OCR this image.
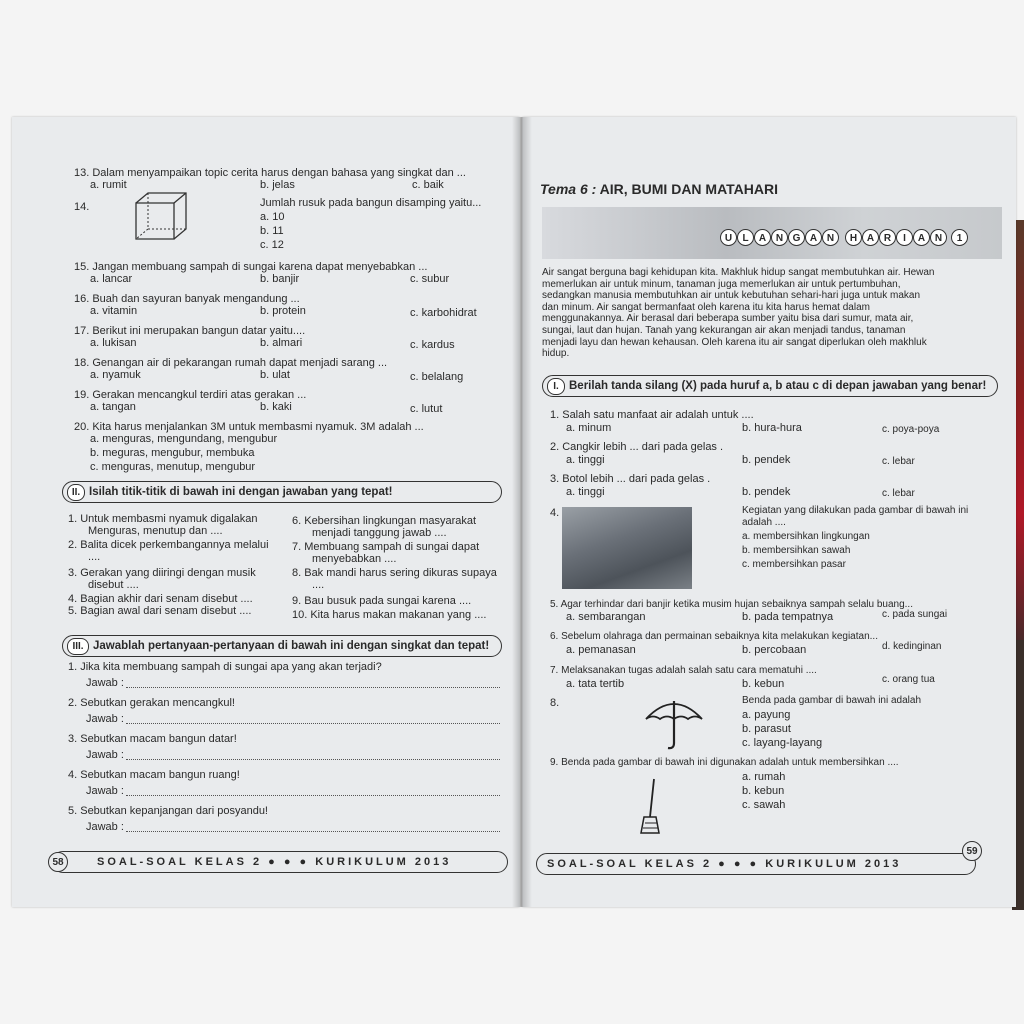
13. Dalam menyampaikan topic cerita harus dengan bahasa yang singkat dan ...
a. rumit	b. jelas	c. baik
14.	Jumlah rusuk pada bangun disamping yaitu...
a. 10
b. 11
c. 12
15. Jangan membuang sampah di sungai karena dapat menyebabkan ...
a. lancar	b. banjir	c. subur
16. Buah dan sayuran banyak mengandung ...
a. vitamin	b. protein	c. karbohidrat
17. Berikut ini merupakan bangun datar yaitu....
a. lukisan	b. almari	c. kardus
18. Genangan air di pekarangan rumah dapat menjadi sarang ...
a. nyamuk	b. ulat	c. belalang
19. Gerakan mencangkul terdiri atas gerakan ...
a. tangan	b. kaki	c. lutut
20. Kita harus menjalankan 3M untuk membasmi nyamuk. 3M adalah ...
a. menguras, mengundang, mengubur
b. meguras, mengubur, membuka
c. menguras, menutup, mengubur
II. Isilah titik-titik di bawah ini dengan jawaban yang tepat!
1. Untuk membasmi nyamuk digalakan
Menguras, menutup dan ....
2. Balita dicek perkembangannya melalui
....
3. Gerakan yang diiringi dengan musik
disebut ....
4. Bagian akhir dari senam disebut ....
5. Bagian awal dari senam disebut ....
6. Kebersihan lingkungan masyarakat
menjadi tanggung jawab ....
7. Membuang sampah di sungai dapat
menyebabkan ....
8. Bak mandi harus sering dikuras supaya
....
9. Bau busuk pada sungai karena ....
10. Kita harus makan makanan yang ....
III. Jawablah pertanyaan-pertanyaan di bawah ini dengan singkat dan tepat!
1. Jika kita membuang sampah di sungai apa yang akan terjadi?
Jawab :
2. Sebutkan gerakan mencangkul!
Jawab :
3. Sebutkan macam bangun datar!
Jawab :
4. Sebutkan macam bangun ruang!
Jawab :
5. Sebutkan kepanjangan dari posyandu!
Jawab :
SOAL-SOAL KELAS 2 ● ● ● KURIKULUM 2013
58
Tema 6 : AIR, BUMI DAN MATAHARI
Air sangat berguna bagi kehidupan kita. Makhluk hidup sangat membutuhkan air. Hewan
memerlukan air untuk minum, tanaman juga memerlukan air untuk pertumbuhan,
sedangkan manusia membutuhkan air untuk kebutuhan sehari-hari juga untuk makan
dan minum. Air sangat bermanfaat oleh karena itu kita harus hemat dalam
menggunakannya. Air berasal dari beberapa sumber yaitu bisa dari sumur, mata air,
sungai, laut dan hujan. Tanah yang kekurangan air akan menjadi tandus, tanaman
menjadi layu dan hewan kehausan. Oleh karena itu air sangat diperlukan oleh makhluk
hidup.
I. Berilah tanda silang (X) pada huruf a, b atau c di depan jawaban yang benar!
1. Salah satu manfaat air adalah untuk ....
a. minum	b. hura-hura	c. poya-poya
2. Cangkir lebih ... dari pada gelas .
a. tinggi	b. pendek	c. lebar
3. Botol lebih ... dari pada gelas .
a. tinggi	b. pendek	c. lebar
4.	Kegiatan yang dilakukan pada gambar di bawah ini
adalah ....
a. membersihkan lingkungan
b. membersihkan sawah
c. membersihkan pasar
5. Agar terhindar dari banjir ketika musim hujan sebaiknya sampah selalu buang...
a. sembarangan	b. pada tempatnya	c. pada sungai
6. Sebelum olahraga dan permainan sebaiknya kita melakukan kegiatan...
a. pemanasan	b. percobaan	d. kedinginan
7. Melaksanakan tugas adalah salah satu cara mematuhi ....
a. tata tertib	b. kebun	c. orang tua
8.	Benda pada gambar di bawah ini adalah
a. payung
b. parasut
c. layang-layang
9. Benda pada gambar di bawah ini digunakan adalah untuk membersihkan ....
a. rumah
b. kebun
c. sawah
SOAL-SOAL KELAS 2 ● ● ● KURIKULUM 2013
59
U	L	A N G A N	H A R	I	A N	1
